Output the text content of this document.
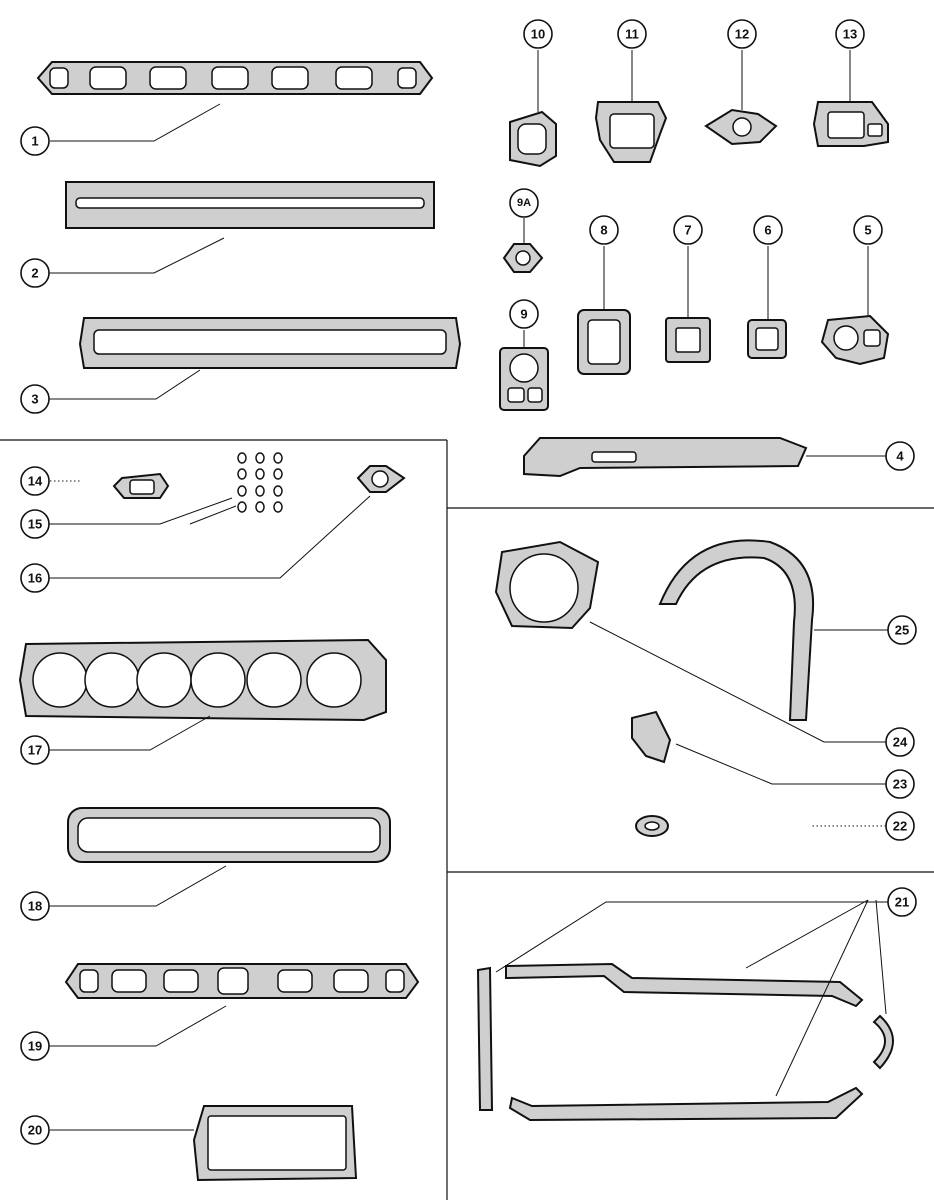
1
2
3
4
5
6
7
8
9
9A
10	11	12	13
14
15
16
17
18
19
20
21
22
23
24
25
